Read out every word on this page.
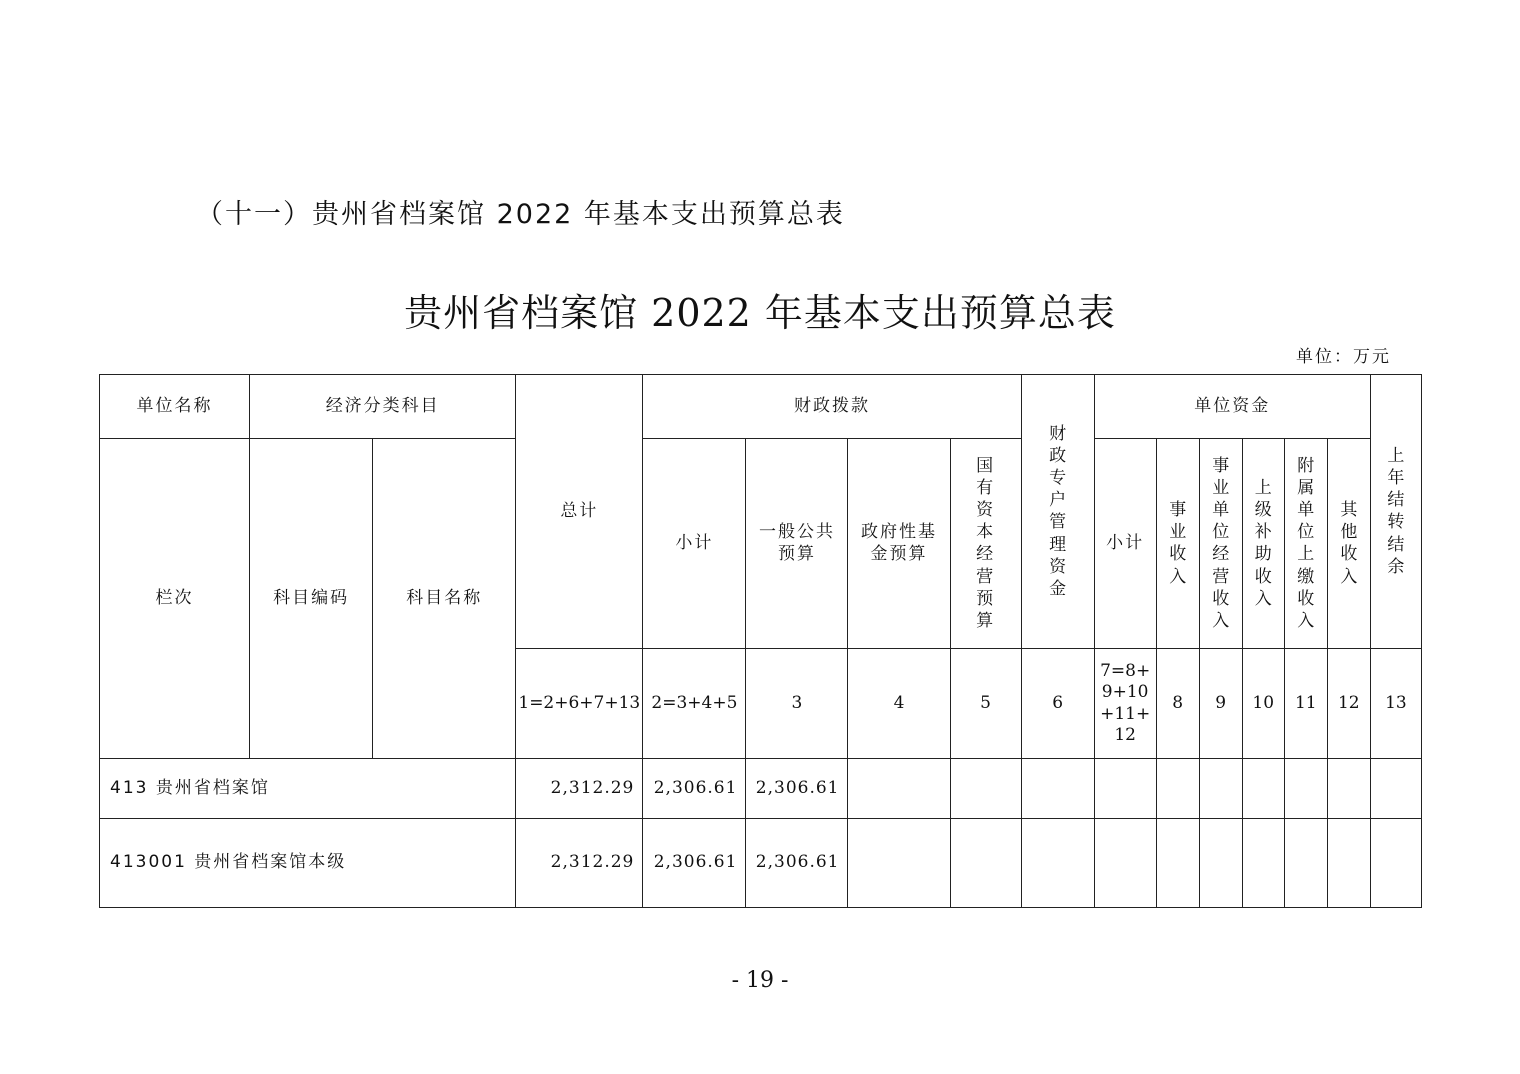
（十一）贵州省档案馆 2022 年基本支出预算总表
贵州省档案馆 2022 年基本支出预算总表
单位：万元
单位名称	经济分类科目		总计	财政拨款				财政专户管理资金	单位资金						上年结转结余
栏次	科目编码	科目名称		小计	一般公共预算	政府性基金预算	国有资本经营预算		小计	事业收入	事业单位经营收入	上级补助收入	附属单位上缴收入	其他收入	
			1=2+6+7+13	2=3+4+5	3	4	5	6	7=8+9+10+11+12	8	9	10	11	12	13
413 贵州省档案馆			2,312.29	2,306.61	2,306.61										
413001 贵州省档案馆本级			2,312.29	2,306.61	2,306.61										
- 19 -
